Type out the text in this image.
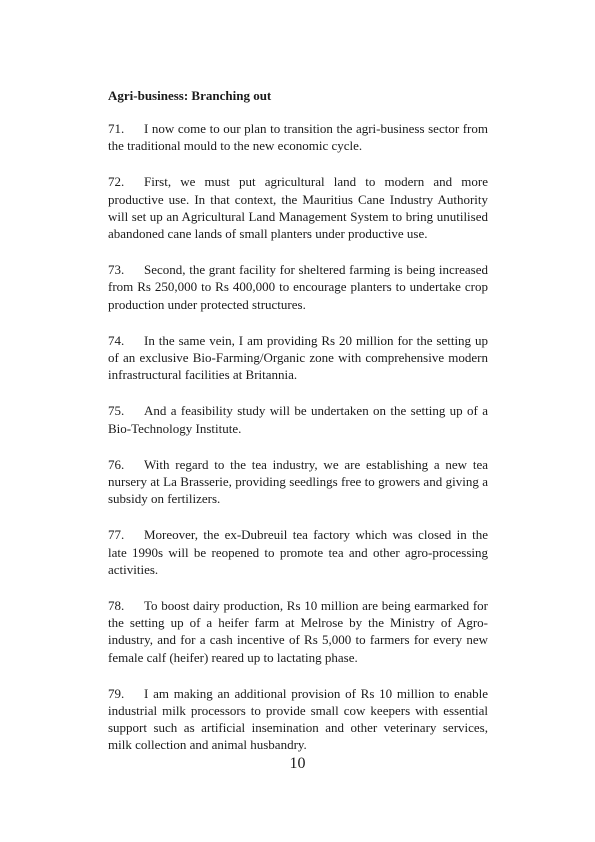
Agri-business: Branching out

71. I now come to our plan to transition the agri-business sector from the traditional mould to the new economic cycle.

72. First, we must put agricultural land to modern and more productive use. In that context, the Mauritius Cane Industry Authority will set up an Agricultural Land Management System to bring unutilised abandoned cane lands of small planters under productive use.

73. Second, the grant facility for sheltered farming is being increased from Rs 250,000 to Rs 400,000 to encourage planters to undertake crop production under protected structures.

74. In the same vein, I am providing Rs 20 million for the setting up of an exclusive Bio-Farming/Organic zone with comprehensive modern infrastructural facilities at Britannia.

75. And a feasibility study will be undertaken on the setting up of a Bio-Technology Institute.

76. With regard to the tea industry, we are establishing a new tea nursery at La Brasserie, providing seedlings free to growers and giving a subsidy on fertilizers.

77. Moreover, the ex-Dubreuil tea factory which was closed in the late 1990s will be reopened to promote tea and other agro-processing activities.

78. To boost dairy production, Rs 10 million are being earmarked for the setting up of a heifer farm at Melrose by the Ministry of Agro-industry, and for a cash incentive of Rs 5,000 to farmers for every new female calf (heifer) reared up to lactating phase.

79. I am making an additional provision of Rs 10 million to enable industrial milk processors to provide small cow keepers with essential support such as artificial insemination and other veterinary services, milk collection and animal husbandry.

10
